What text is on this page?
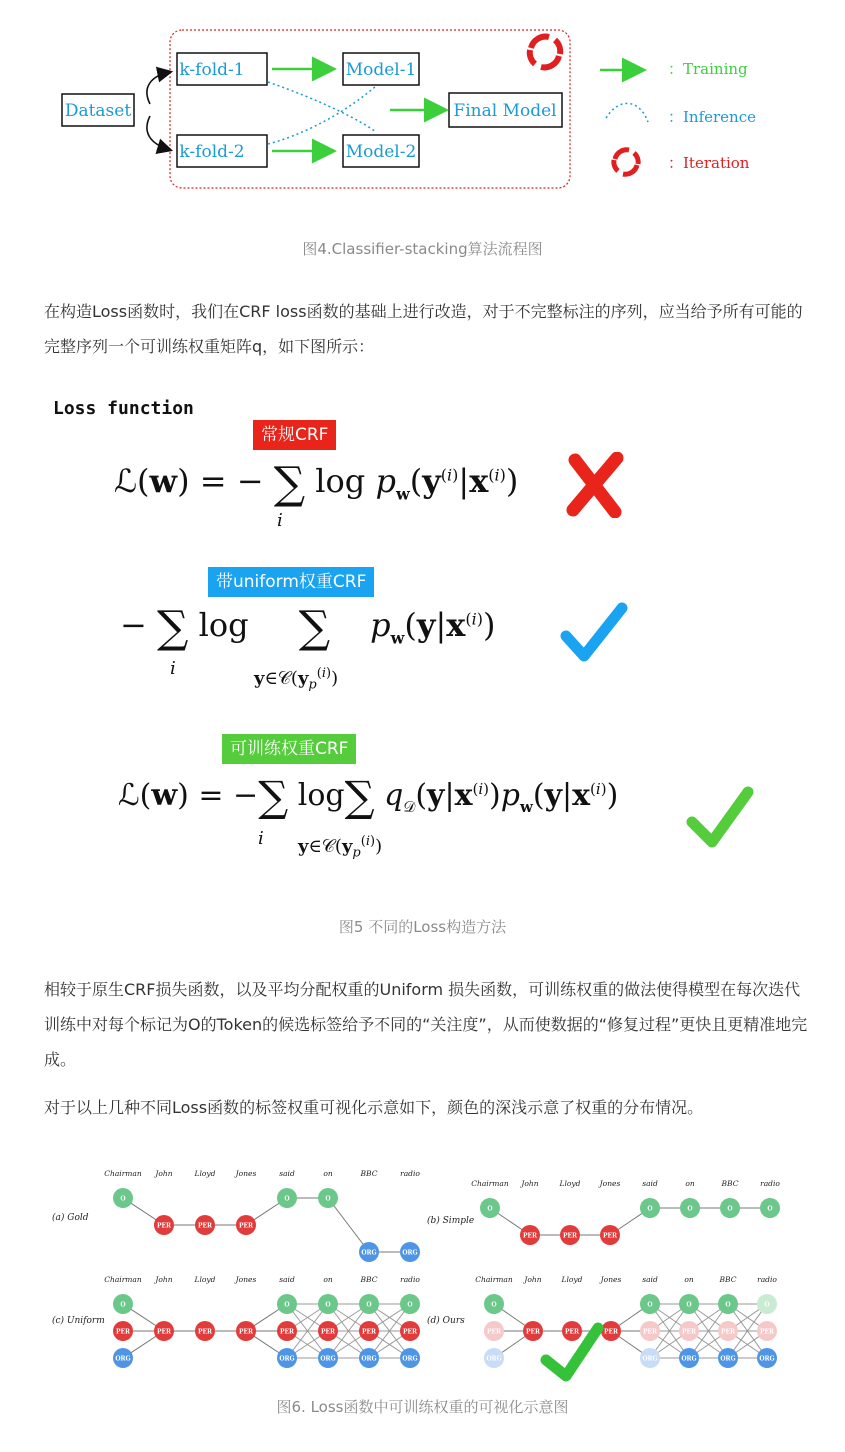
Dataset
k-fold-1
k-fold-2
Model-1
Model-2
Final Model
：Training
：Inference
：Iteration
图4.Classifier-stacking算法流程图

在构造Loss函数时，我们在CRF loss函数的基础上进行改造，对于不完整标注的序列，应当给予所有可能的完整序列一个可训练权重矩阵q，如下图所示：

Loss function
常规CRF
ℒ(w) = − ∑ $\log p_w(y^{(i)}|x^{(i)})$
i
带uniform权重CRF
− ∑ log ∑ $p_w(y|x^{(i)})$
i	$y\in 𝒞(y_p^{(i)})$
可训练权重CRF
ℒ(w) = −∑ log∑ $q_𝒟(y|x^{(i)})p_w(y|x^{(i)})$
i $y\in 𝒞(y_p^{(i)})$
图5 不同的Loss构造方法

相较于原生CRF损失函数，以及平均分配权重的Uniform 损失函数，可训练权重的做法使得模型在每次迭代训练中对每个标记为O的Token的候选标签给予不同的“关注度”，从而使数据的“修复过程”更快且更精准地完成。

对于以上几种不同Loss函数的标签权重可视化示意如下，颜色的深浅示意了权重的分布情况。

Chairman John	Lloyd	Jones	said	on	BBC	radio
(a) Gold
O
PER	PER	PER
O	O
ORG	ORG
Chairman John	Lloyd	Jones	said	on	BBC	radio
(b) Simple
O
PER	PER	PER
O	O	O	O
Chairman John	Lloyd	Jones	said	on	BBC	radio
(c) Uniform
O
PER
ORG
PER	PER	PER
O
PER
ORG
O
PER
ORG
O
PER
ORG
O
PER
ORG
Chairman John	Lloyd Jones	said	on	BBC	radio
(d) Ours
O
PER
ORG
PER	PER	PER
O
PER
ORG
O
PER
ORG
O
PER
ORG
O
PER
ORG
图6. Loss函数中可训练权重的可视化示意图
